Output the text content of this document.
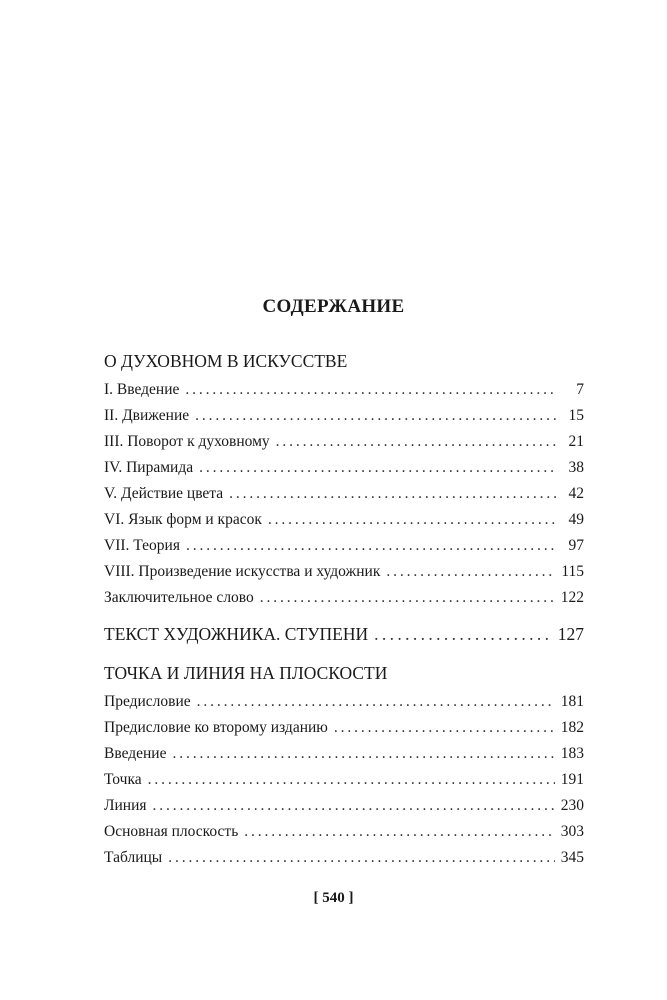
СОДЕРЖАНИЕ
О ДУХОВНОМ В ИСКУССТВЕ
I. Введение . . .	7
II. Движение . . .	15
III. Поворот к духовному . . .	21
IV. Пирамида . . .	38
V. Действие цвета . . .	42
VI. Язык форм и красок . . .	49
VII. Теория . . .	97
VIII. Произведение искусства и художник . . .	115
Заключительное слово . . .	122
ТЕКСТ ХУДОЖНИКА. СТУПЕНИ . . .	127
ТОЧКА И ЛИНИЯ НА ПЛОСКОСТИ
Предисловие . . .	181
Предисловие ко второму изданию . . .	182
Введение . . .	183
Точка . . .	191
Линия . . .	230
Основная плоскость . . .	303
Таблицы . . .	345
[ 540 ]
